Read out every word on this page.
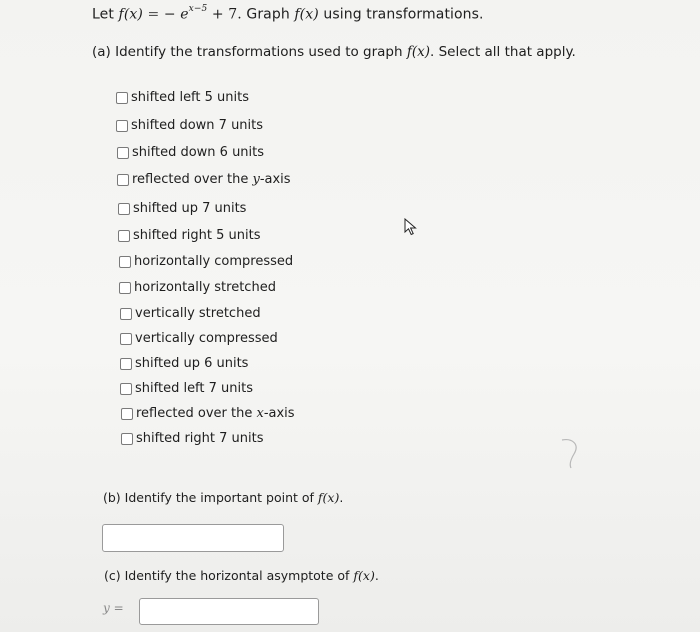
Let f(x) = − $e^{x-5} + 7$. Graph f(x) using transformations.
(a) Identify the transformations used to graph f(x). Select all that apply.
shifted left 5 units
shifted down 7 units
shifted down 6 units
reflected over the
y -axis
shifted up 7 units
shifted right 5 units
horizontally compressed
horizontally stretched
vertically stretched
vertically compressed
shifted up 6 units
shifted left 7 units
reflected over the
x -axis
shifted right 7 units
(b) Identify the important point of f(x).
(c) Identify the horizontal asymptote of f(x).
y =
